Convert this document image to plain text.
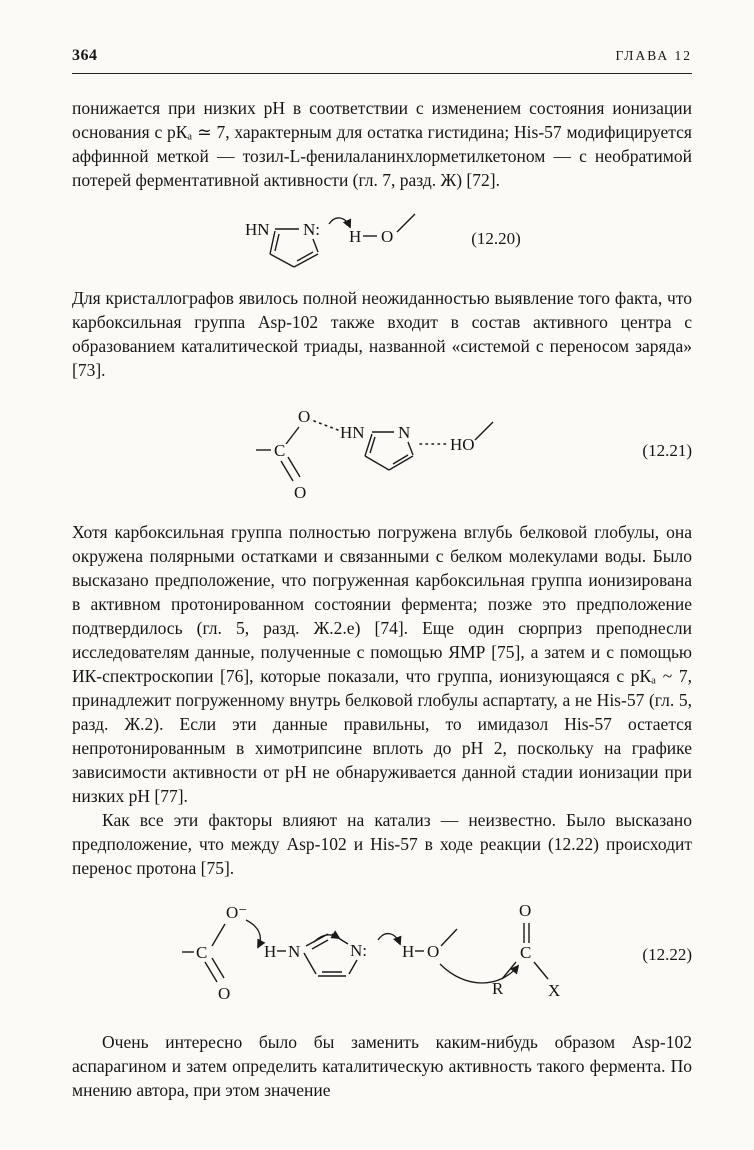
364	ГЛАВА 12

понижается при низких рН в соответствии с изменением состояния ионизации основания с рКₐ ≃ 7, характерным для остатка гистидина; His-57 модифицируется аффинной меткой — тозил-L-фенилаланинхлорметилкетоном — с необратимой потерей ферментативной активности (гл. 7, разд. Ж) [72].

HN N: H O	(12.20)

Для кристаллографов явилось полной неожиданностью выявление того факта, что карбоксильная группа Asp-102 также входит в состав активного центра с образованием каталитической триады, названной «системой с переносом заряда» [73].

C
O
O
HN N
HO	(12.21)

Хотя карбоксильная группа полностью погружена вглубь белковой глобулы, она окружена полярными остатками и связанными с белком молекулами воды. Было высказано предположение, что погруженная карбоксильная группа ионизирована в активном протонированном состоянии фермента; позже это предположение подтвердилось (гл. 5, разд. Ж.2.е) [74]. Еще один сюрприз преподнесли исследователям данные, полученные с помощью ЯМР [75], а затем и с помощью ИК-спектроскопии [76], которые показали, что группа, ионизующаяся с рКₐ ~ 7, принадлежит погруженному внутрь белковой глобулы аспартату, а не His-57 (гл. 5, разд. Ж.2). Если эти данные правильны, то имидазол His-57 остается непротонированным в химотрипсине вплоть до рН 2, поскольку на графике зависимости активности от рН не обнаруживается данной стадии ионизации при низких рН [77].

Как все эти факторы влияют на катализ — неизвестно. Было высказано предположение, что между Asp-102 и His-57 в ходе реакции (12.22) происходит перенос протона [75].

O⁻
C
O
H N	N: H O	C
O
R	X
(12.22)

Очень интересно было бы заменить каким-нибудь образом Asp-102 аспарагином и затем определить каталитическую активность такого фермента. По мнению автора, при этом значение
